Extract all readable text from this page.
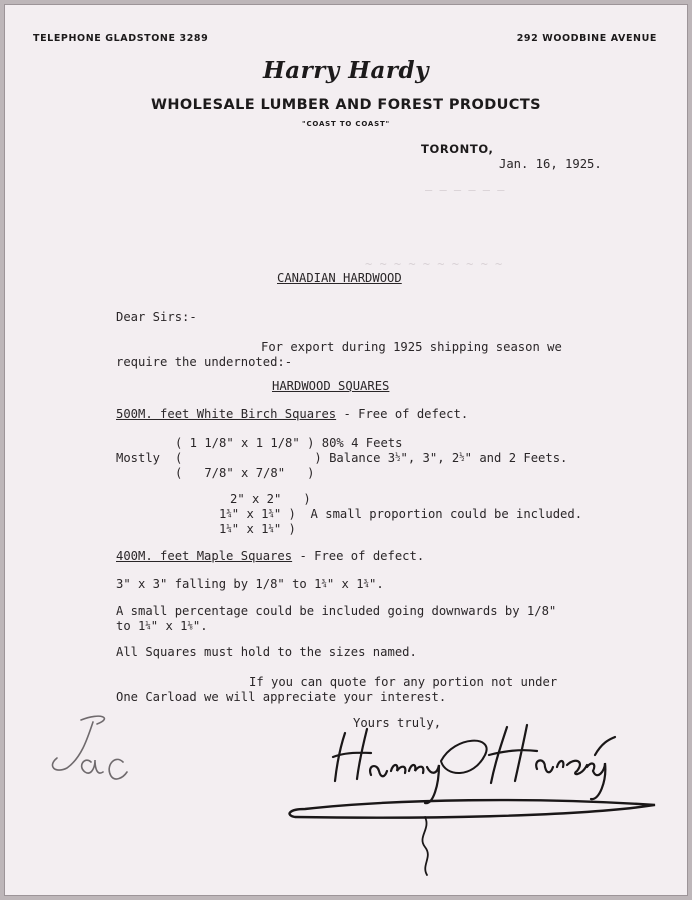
— — — — — —
~ ~ ~ ~ ~ ~ ~ ~ ~ ~
TELEPHONE GLADSTONE 3289	292 WOODBINE AVENUE
Harry Hardy
WHOLESALE LUMBER AND FOREST PRODUCTS
"COAST TO COAST"
TORONTO,
Jan. 16, 1925.
CANADIAN HARDWOOD
Dear Sirs:-
For export during 1925 shipping season we
require the undernoted:-
HARDWOOD SQUARES
500M. feet White Birch Squares - Free of defect.
( 1 1/8" x 1 1/8" ) 80% 4 Feets
Mostly (                  ) Balance 3½", 3", 2½" and 2 Feets.
(   7/8" x 7/8"   )
2" x 2"   )
1¾" x 1¾" )  A small proportion could be included.
1¼" x 1¼" )
400M. feet Maple Squares - Free of defect.
3" x 3" falling by 1/8" to 1¾" x 1¾".
A small percentage could be included going downwards by 1/8"
to 1¼" x 1⅛".
All Squares must hold to the sizes named.
If you can quote for any portion not under
One Carload we will appreciate your interest.
Yours truly,
